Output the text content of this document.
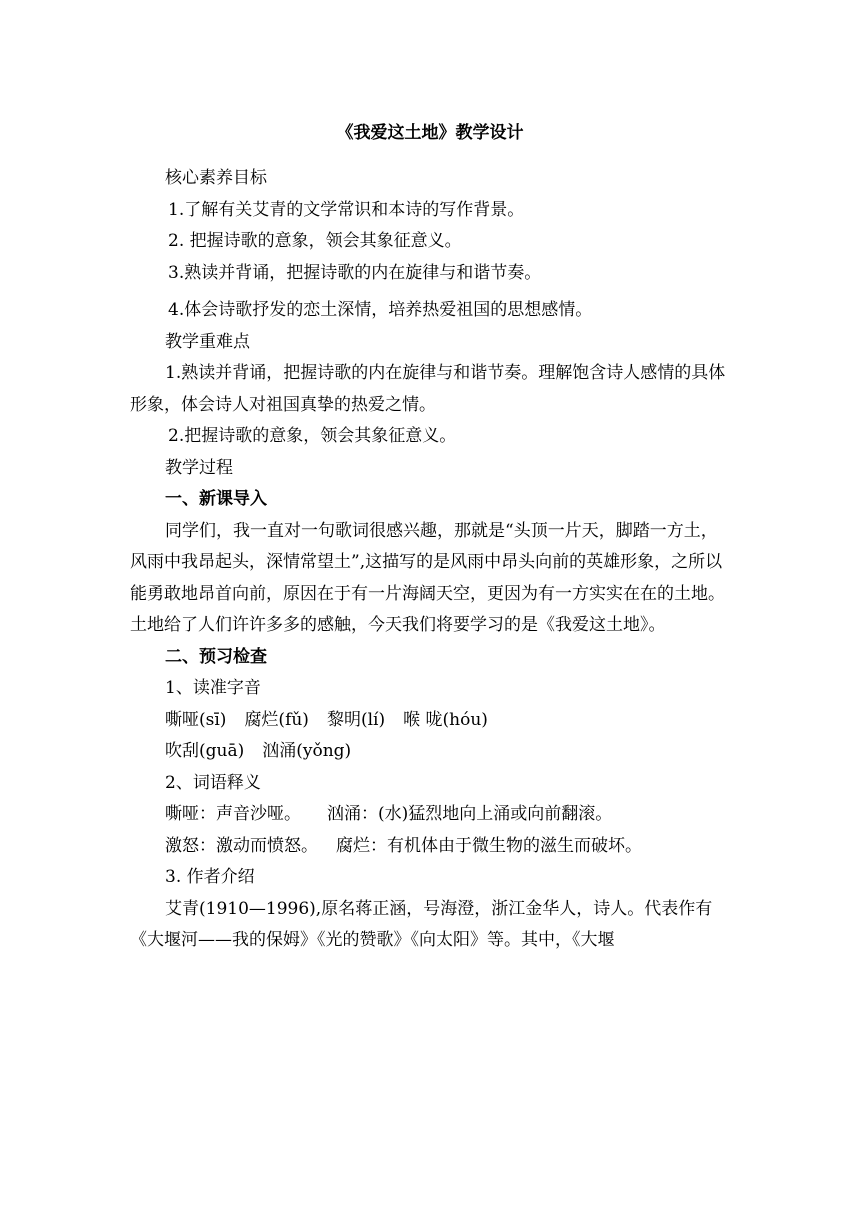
《我爱这土地》教学设计

核心素养目标

1.了解有关艾青的文学常识和本诗的写作背景。

2. 把握诗歌的意象，领会其象征意义。

3.熟读并背诵，把握诗歌的内在旋律与和谐节奏。

4.体会诗歌抒发的恋土深情，培养热爱祖国的思想感情。

教学重难点

1.熟读并背诵，把握诗歌的内在旋律与和谐节奏。理解饱含诗人感情的具体形象，体会诗人对祖国真挚的热爱之情。

2.把握诗歌的意象，领会其象征意义。

教学过程

一、新课导入

同学们，我一直对一句歌词很感兴趣，那就是“头顶一片天，脚踏一方土，风雨中我昂起头，深情常望土”,这描写的是风雨中昂头向前的英雄形象，之所以能勇敢地昂首向前，原因在于有一片海阔天空，更因为有一方实实在在的土地。土地给了人们许许多多的感触，今天我们将要学习的是《我爱这土地》。

二、预习检查

1、读准字音

嘶哑(sī) 腐烂(fǔ) 黎明(lí) 喉 咙(hóu)

吹刮(guā) 汹涌(yǒng)

2、词语释义

嘶哑：声音沙哑。 汹涌：(水)猛烈地向上涌或向前翻滚。

激怒：激动而愤怒。 腐烂：有机体由于微生物的滋生而破坏。

3. 作者介绍

艾青(1910—1996),原名蒋正涵，号海澄，浙江金华人，诗人。代表作有《大堰河——我的保姆》《光的赞歌》《向太阳》等。其中，《大堰
